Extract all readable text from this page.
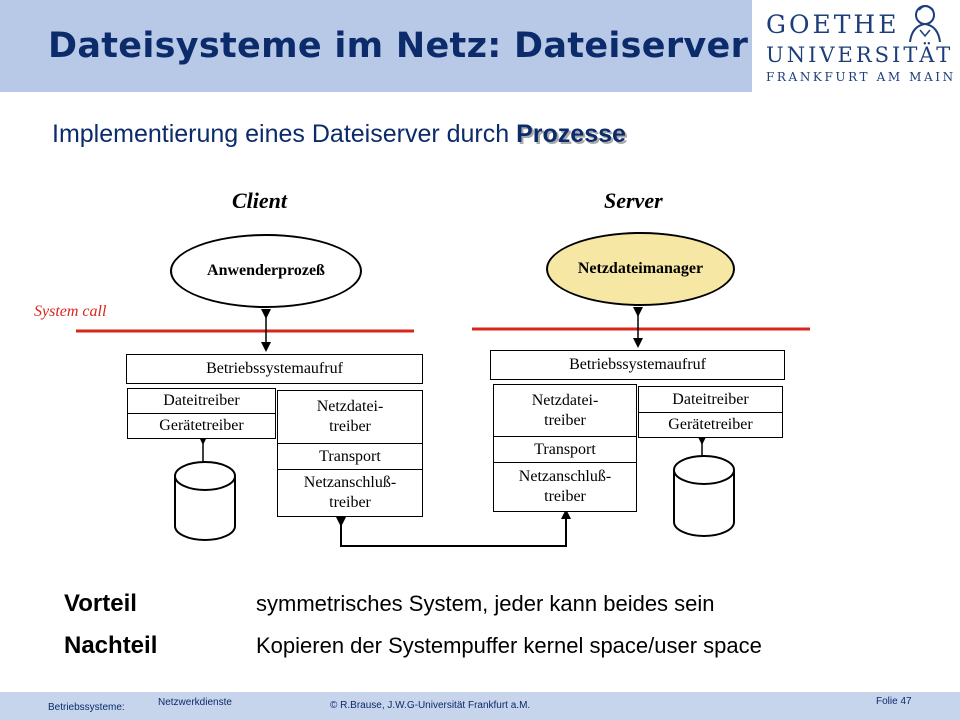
Dateisysteme im Netz: Dateiserver
GOETHE
UNIVERSITÄT
FRANKFURT AM MAIN
Implementierung eines Dateiserver durch Prozesse
Client	Server
System call
Anwenderprozeß
Betriebssystemaufruf
Dateitreiber
Gerätetreiber
Netzdatei-
treiber
Transport
Netzanschluß-
treiber
Netzdateimanager
Betriebssystemaufruf
Netzdatei-
treiber
Transport
Netzanschluß-
treiber
Dateitreiber
Gerätetreiber
Vorteil	symmetrisches System, jeder kann beides sein
Nachteil	Kopieren der Systempuffer kernel space/user space
Betriebssysteme:	Netzwerkdienste	© R.Brause, J.W.G-Universität Frankfurt a.M.	Folie 47
